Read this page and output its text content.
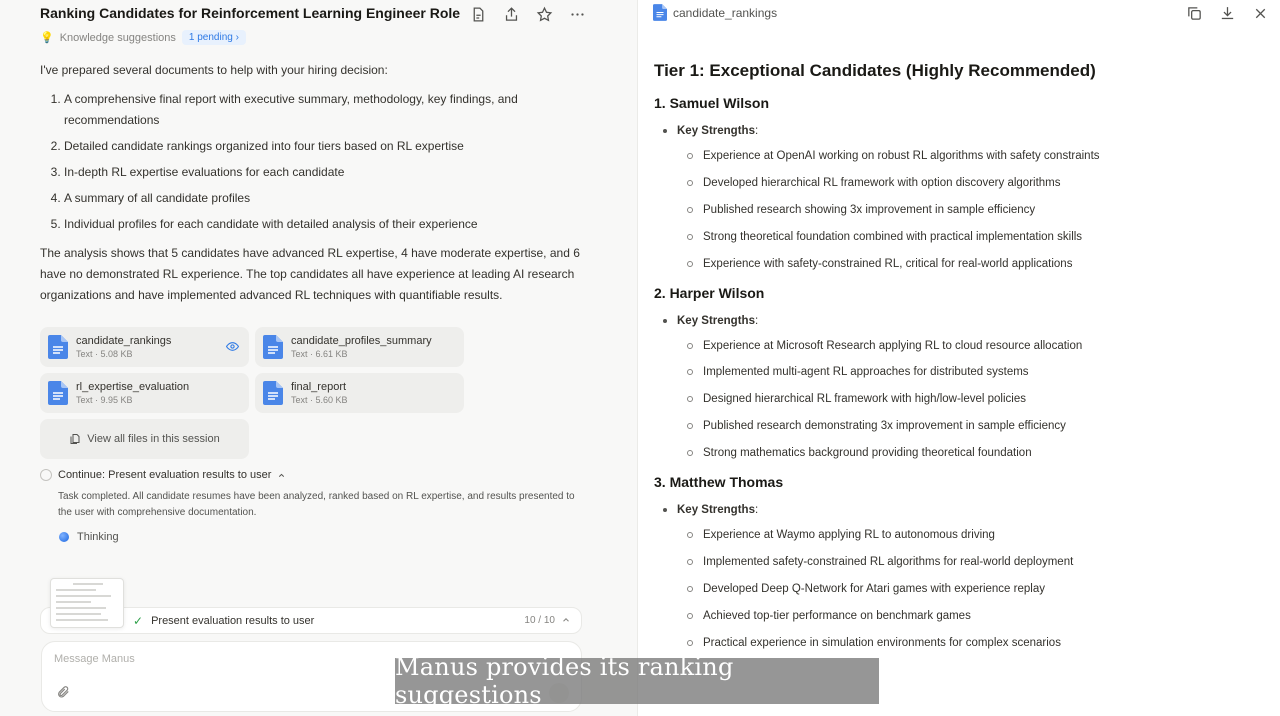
Ranking Candidates for Reinforcement Learning Engineer Role
💡 Knowledge suggestions	1 pending ›

I've prepared several documents to help with your hiring decision:

1. A comprehensive final report with executive summary, methodology, key findings, and recommendations
2. Detailed candidate rankings organized into four tiers based on RL expertise
3. In-depth RL expertise evaluations for each candidate
4. A summary of all candidate profiles
5. Individual profiles for each candidate with detailed analysis of their experience

The analysis shows that 5 candidates have advanced RL expertise, 4 have moderate expertise, and 6 have no demonstrated RL experience. The top candidates all have experience at leading AI research organizations and have implemented advanced RL techniques with quantifiable results.

candidate_rankings
Text · 5.08 KB
candidate_profiles_summary
Text · 6.61 KB
rl_expertise_evaluation
Text · 9.95 KB
final_report
Text · 5.60 KB
View all files in this session
Continue: Present evaluation results to user
Task completed. All candidate resumes have been analyzed, ranked based on RL expertise, and results presented to the user with comprehensive documentation.
Thinking
✓ Present evaluation results to user	10 / 10
Message Manus
candidate_rankings
Tier 1: Exceptional Candidates (Highly Recommended)
1. Samuel Wilson
Key Strengths :
Experience at OpenAI working on robust RL algorithms with safety constraints
Developed hierarchical RL framework with option discovery algorithms
Published research showing 3x improvement in sample efficiency
Strong theoretical foundation combined with practical implementation skills
Experience with safety-constrained RL, critical for real-world applications
2. Harper Wilson
Key Strengths :
Experience at Microsoft Research applying RL to cloud resource allocation
Implemented multi-agent RL approaches for distributed systems
Designed hierarchical RL framework with high/low-level policies
Published research demonstrating 3x improvement in sample efficiency
Strong mathematics background providing theoretical foundation
3. Matthew Thomas
Key Strengths :
Experience at Waymo applying RL to autonomous driving
Implemented safety-constrained RL algorithms for real-world deployment
Developed Deep Q-Network for Atari games with experience replay
Achieved top-tier performance on benchmark games
Practical experience in simulation environments for complex scenarios
Manus provides its ranking suggestions
